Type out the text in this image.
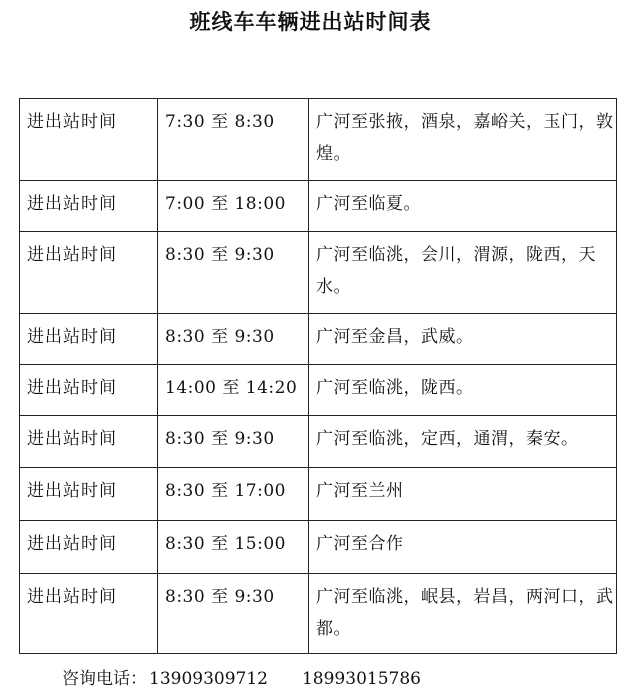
班线车车辆进出站时间表
进出站时间	7:30 至 8:30	广河至张掖，酒泉，嘉峪关，玉门，敦煌。
进出站时间	7:00 至 18:00	广河至临夏。
进出站时间	8:30 至 9:30	广河至临洮，会川，渭源，陇西，天水。
进出站时间	8:30 至 9:30	广河至金昌，武威。
进出站时间	14:00 至 14:20	广河至临洮，陇西。
进出站时间	8:30 至 9:30	广河至临洮，定西，通渭，秦安。
进出站时间	8:30 至 17:00	广河至兰州
进出站时间	8:30 至 15:00	广河至合作
进出站时间	8:30 至 9:30	广河至临洮，岷县，岩昌，两河口，武都。
咨询电话： 13909309712 18993015786
